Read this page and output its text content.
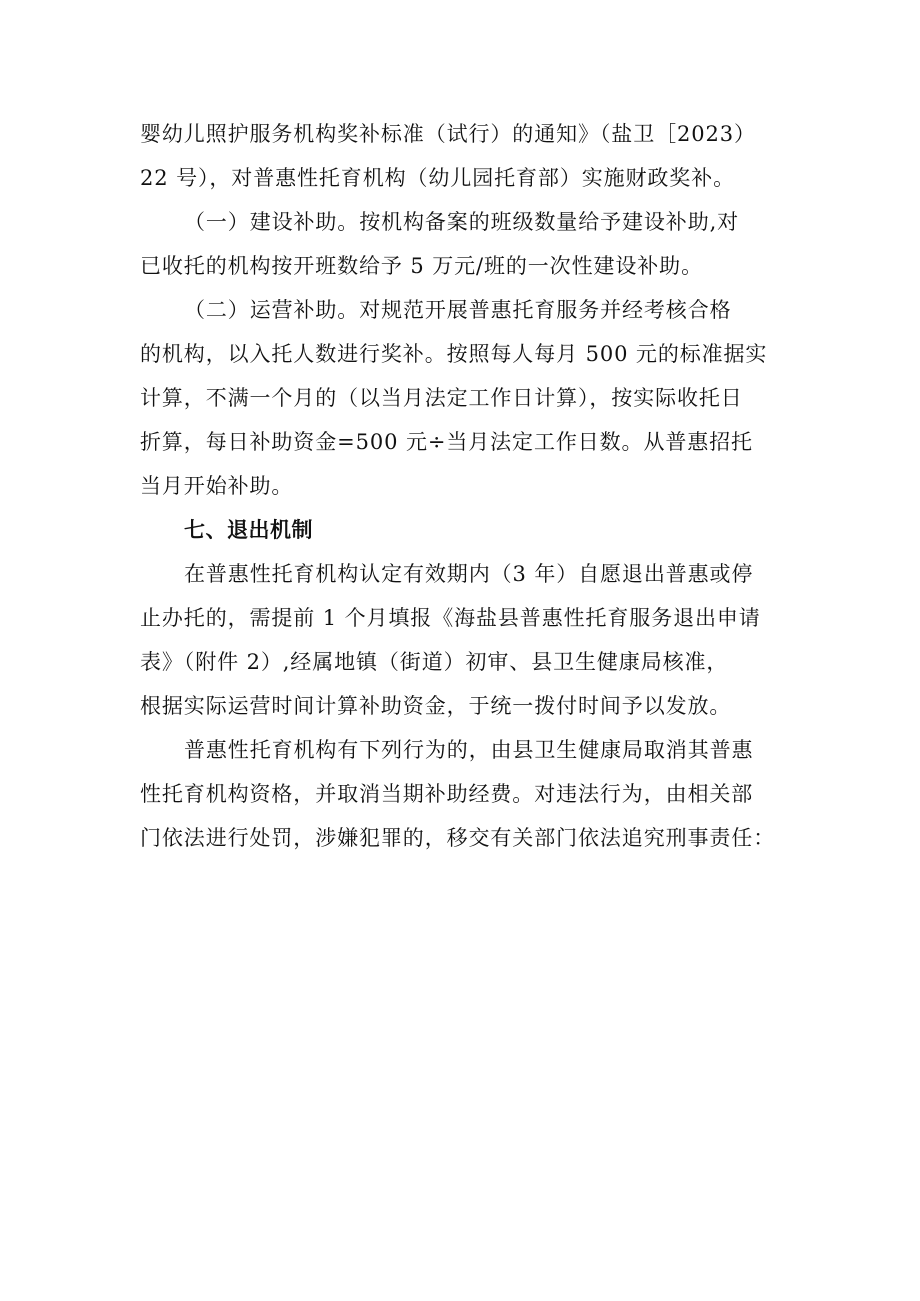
婴幼儿照护服务机构奖补标准（试行）的通知》（盐卫［2023）
22 号），对普惠性托育机构（幼儿园托育部）实施财政奖补。
（一）建设补助。按机构备案的班级数量给予建设补助,对
已收托的机构按开班数给予 5 万元/班的一次性建设补助。
（二）运营补助。对规范开展普惠托育服务并经考核合格
的机构，以入托人数进行奖补。按照每人每月 500 元的标准据实
计算，不满一个月的（以当月法定工作日计算），按实际收托日
折算，每日补助资金=500 元÷当月法定工作日数。从普惠招托
当月开始补助。
七、退出机制
在普惠性托育机构认定有效期内（3 年）自愿退出普惠或停
止办托的，需提前 1 个月填报《海盐县普惠性托育服务退出申请
表》（附件 2）,经属地镇（街道）初审、县卫生健康局核准，
根据实际运营时间计算补助资金，于统一拨付时间予以发放。
普惠性托育机构有下列行为的，由县卫生健康局取消其普惠
性托育机构资格，并取消当期补助经费。对违法行为，由相关部
门依法进行处罚，涉嫌犯罪的，移交有关部门依法追究刑事责任：
